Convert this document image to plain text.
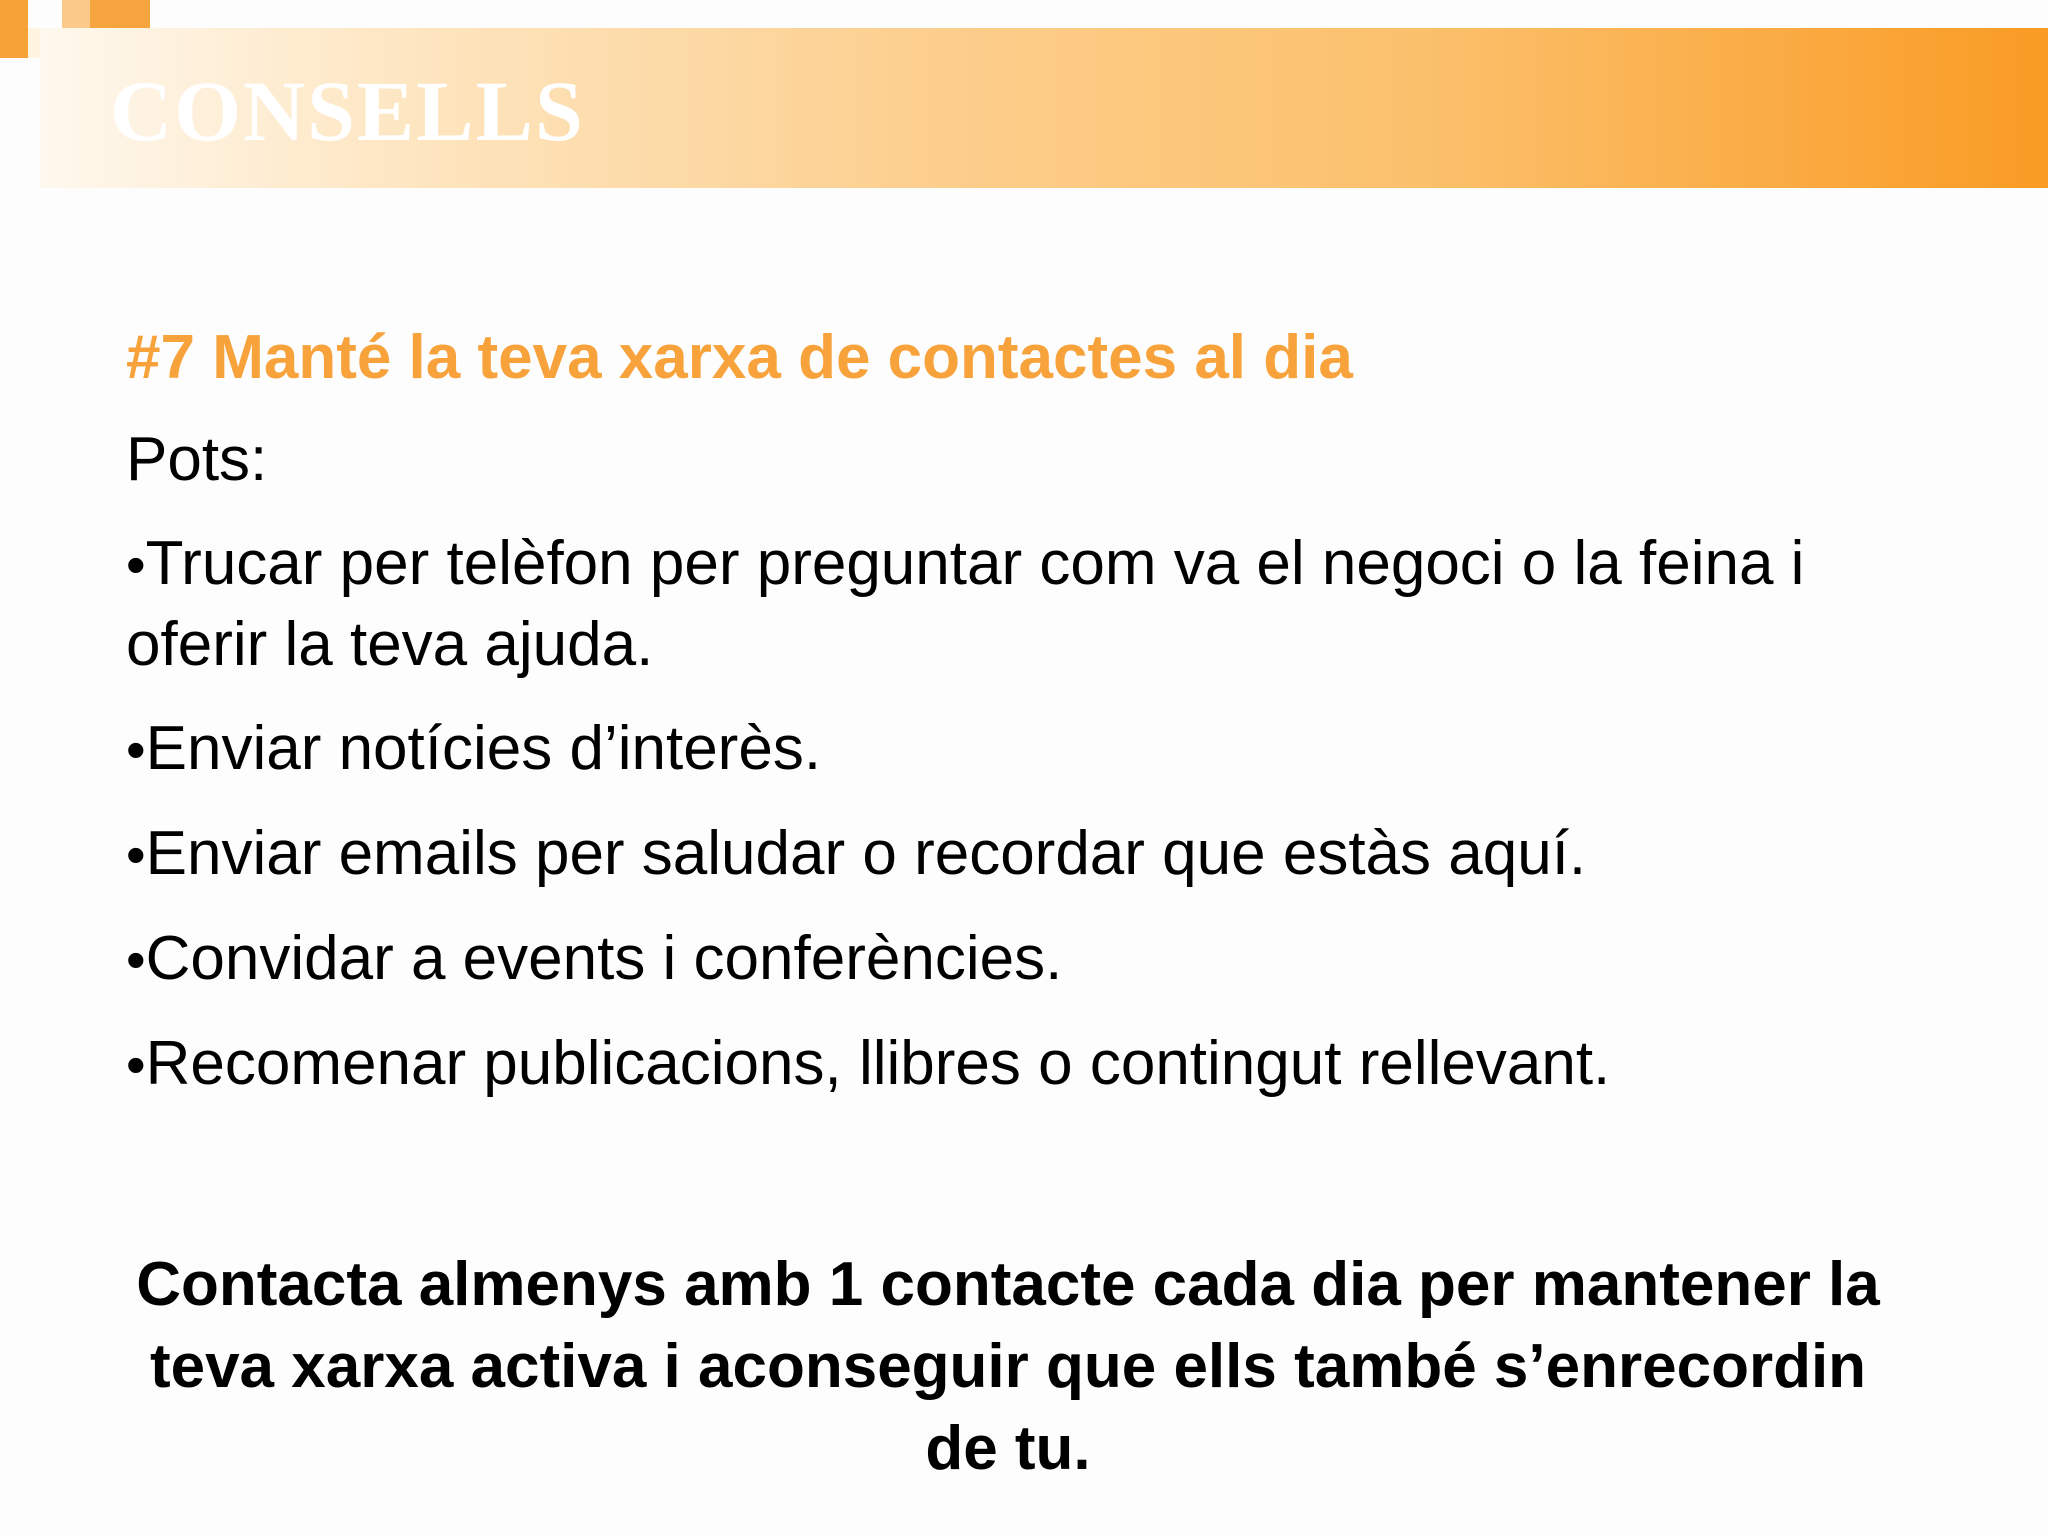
CONSELLS
#7 Manté la teva xarxa de contactes al dia

Pots:

•Trucar per telèfon per preguntar com va el negoci o la feina i oferir la teva ajuda.
•Enviar notícies d’interès.
•Enviar emails per saludar o recordar que estàs aquí.
•Convidar a events i conferències.
•Recomenar publicacions, llibres o contingut rellevant.

Contacta almenys amb 1 contacte cada dia per mantener la teva xarxa activa i aconseguir que ells també s’enrecordin de tu.
